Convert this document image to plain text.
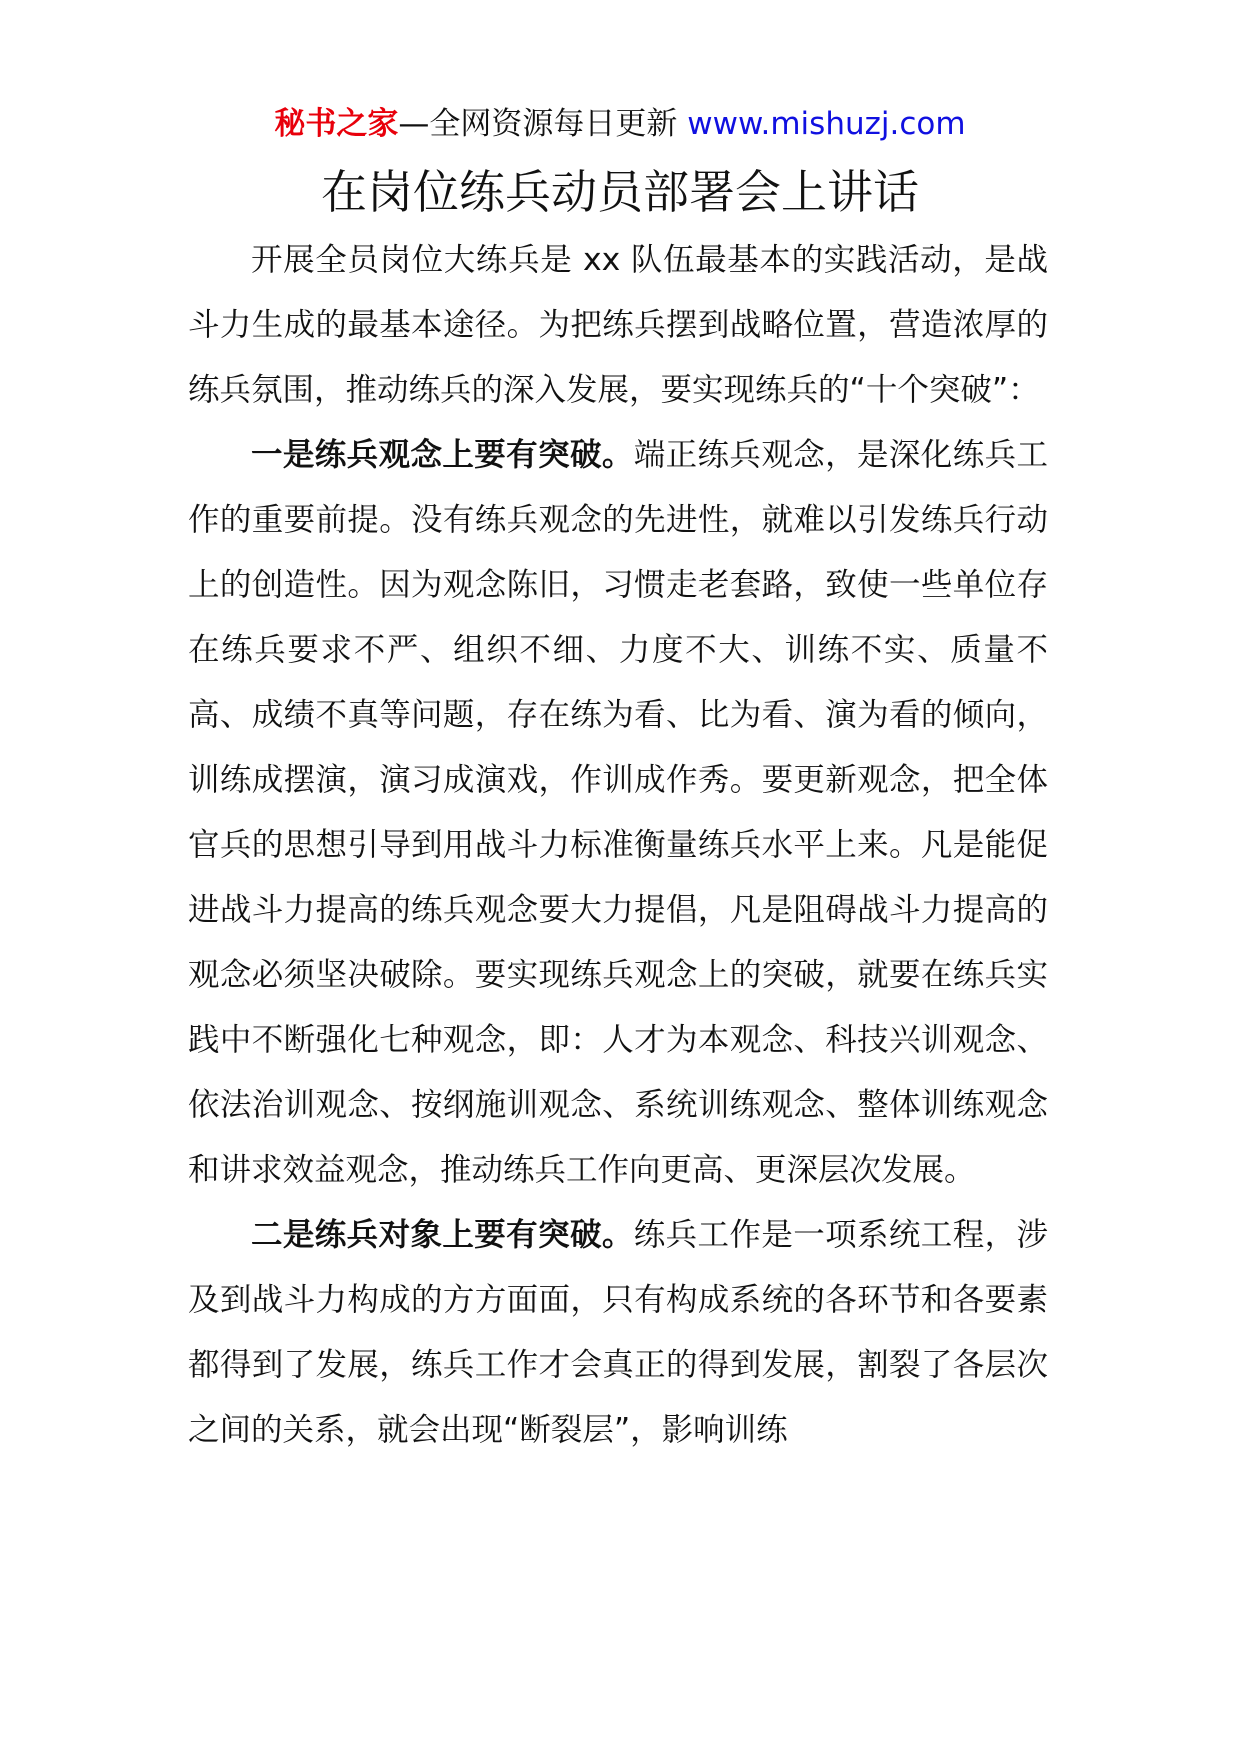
秘书之家—全网资源每日更新 www.mishuzj.com
在岗位练兵动员部署会上讲话

开展全员岗位大练兵是 xx 队伍最基本的实践活动，是战斗力生成的最基本途径。为把练兵摆到战略位置，营造浓厚的练兵氛围，推动练兵的深入发展，要实现练兵的“十个突破”：

一是练兵观念上要有突破。端正练兵观念，是深化练兵工作的重要前提。没有练兵观念的先进性，就难以引发练兵行动上的创造性。因为观念陈旧，习惯走老套路，致使一些单位存在练兵要求不严、组织不细、力度不大、训练不实、质量不高、成绩不真等问题，存在练为看、比为看、演为看的倾向，训练成摆演，演习成演戏，作训成作秀。要更新观念，把全体官兵的思想引导到用战斗力标准衡量练兵水平上来。凡是能促进战斗力提高的练兵观念要大力提倡，凡是阻碍战斗力提高的观念必须坚决破除。要实现练兵观念上的突破，就要在练兵实践中不断强化七种观念，即：人才为本观念、科技兴训观念、依法治训观念、按纲施训观念、系统训练观念、整体训练观念和讲求效益观念，推动练兵工作向更高、更深层次发展。

二是练兵对象上要有突破。练兵工作是一项系统工程，涉及到战斗力构成的方方面面，只有构成系统的各环节和各要素都得到了发展，练兵工作才会真正的得到发展，割裂了各层次之间的关系，就会出现“断裂层”，影响训练
